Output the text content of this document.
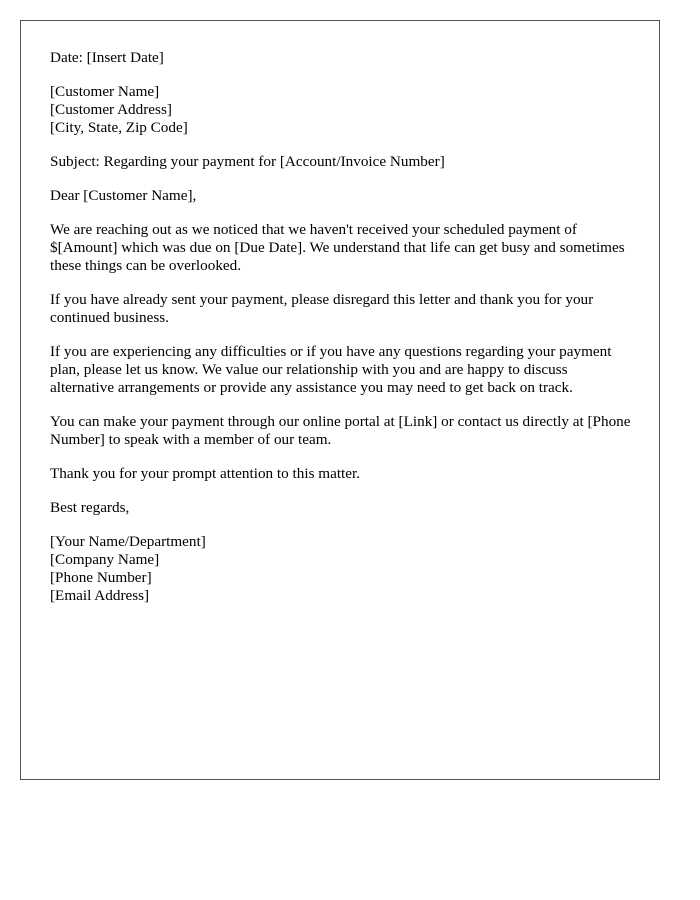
Date: [Insert Date]
[Customer Name]
[Customer Address]
[City, State, Zip Code]
Subject: Regarding your payment for [Account/Invoice Number]
Dear [Customer Name],

We are reaching out as we noticed that we haven't received your scheduled payment of $[Amount] which was due on [Due Date]. We understand that life can get busy and sometimes these things can be overlooked.

If you have already sent your payment, please disregard this letter and thank you for your continued business.

If you are experiencing any difficulties or if you have any questions regarding your payment plan, please let us know. We value our relationship with you and are happy to discuss alternative arrangements or provide any assistance you may need to get back on track.

You can make your payment through our online portal at [Link] or contact us directly at [Phone Number] to speak with a member of our team.

Thank you for your prompt attention to this matter.

Best regards,
[Your Name/Department]
[Company Name]
[Phone Number]
[Email Address]
